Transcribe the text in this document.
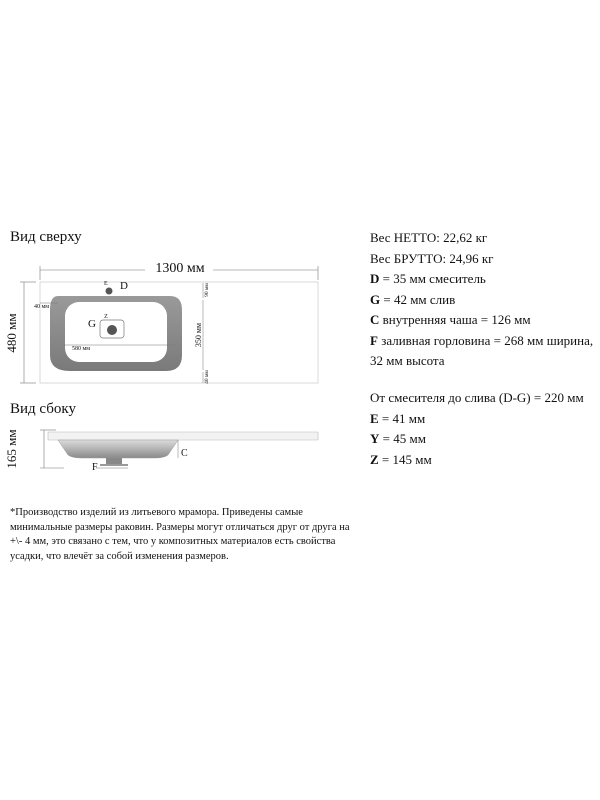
Вид сверху
Вид сбоку
1300 мм
480 мм	G
Z
D
E
40 мм
580 мм
90 мм
350 мм
40 мм
165 мм	C
F
Вес НЕТТО: 22,62 кг
Вес БРУТТО: 24,96 кг
D = 35 мм смеситель
G = 42 мм слив
C внутренняя чаша = 126 мм
F заливная горловина = 268 мм ширина,
32 мм высота
От смесителя до слива (D-G) = 220 мм
E = 41 мм
Y = 45 мм
Z = 145 мм
*Производство изделий из литьевого мрамора. Приведены самые минимальные размеры раковин. Размеры могут отличаться друг от друга на +\- 4 мм, это связано с тем, что у композитных материалов есть свойства усадки, что влечёт за собой изменения размеров.
